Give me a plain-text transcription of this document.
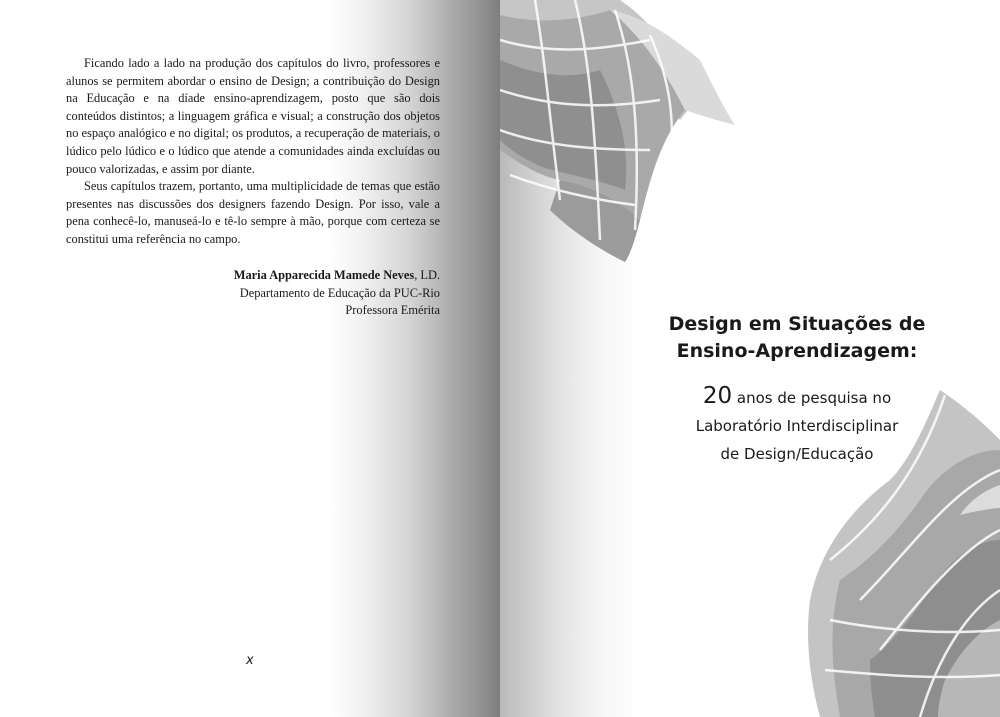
Ficando lado a lado na produção dos capítulos do livro, professores e alunos se permitem abordar o ensino de Design; a contribuição do Design na Educação e na díade ensino-aprendizagem, posto que são dois conteúdos distintos; a linguagem gráfica e visual; a construção dos objetos no espaço analógico e no digital; os produtos, a recuperação de materiais, o lúdico pelo lúdico e o lúdico que atende a comunidades ainda excluídas ou pouco valorizadas, e assim por diante.

Seus capítulos trazem, portanto, uma multiplicidade de temas que estão presentes nas discussões dos designers fazendo Design. Por isso, vale a pena conhecê-lo, manuseá-lo e tê-lo sempre à mão, porque com certeza se constitui uma referência no campo.

Maria Apparecida Mamede Neves, LD.
Departamento de Educação da PUC-Rio
Professora Emérita
x
Design em Situações de
Ensino-Aprendizagem:
20 anos de pesquisa no
Laboratório Interdisciplinar
de Design/Educação
